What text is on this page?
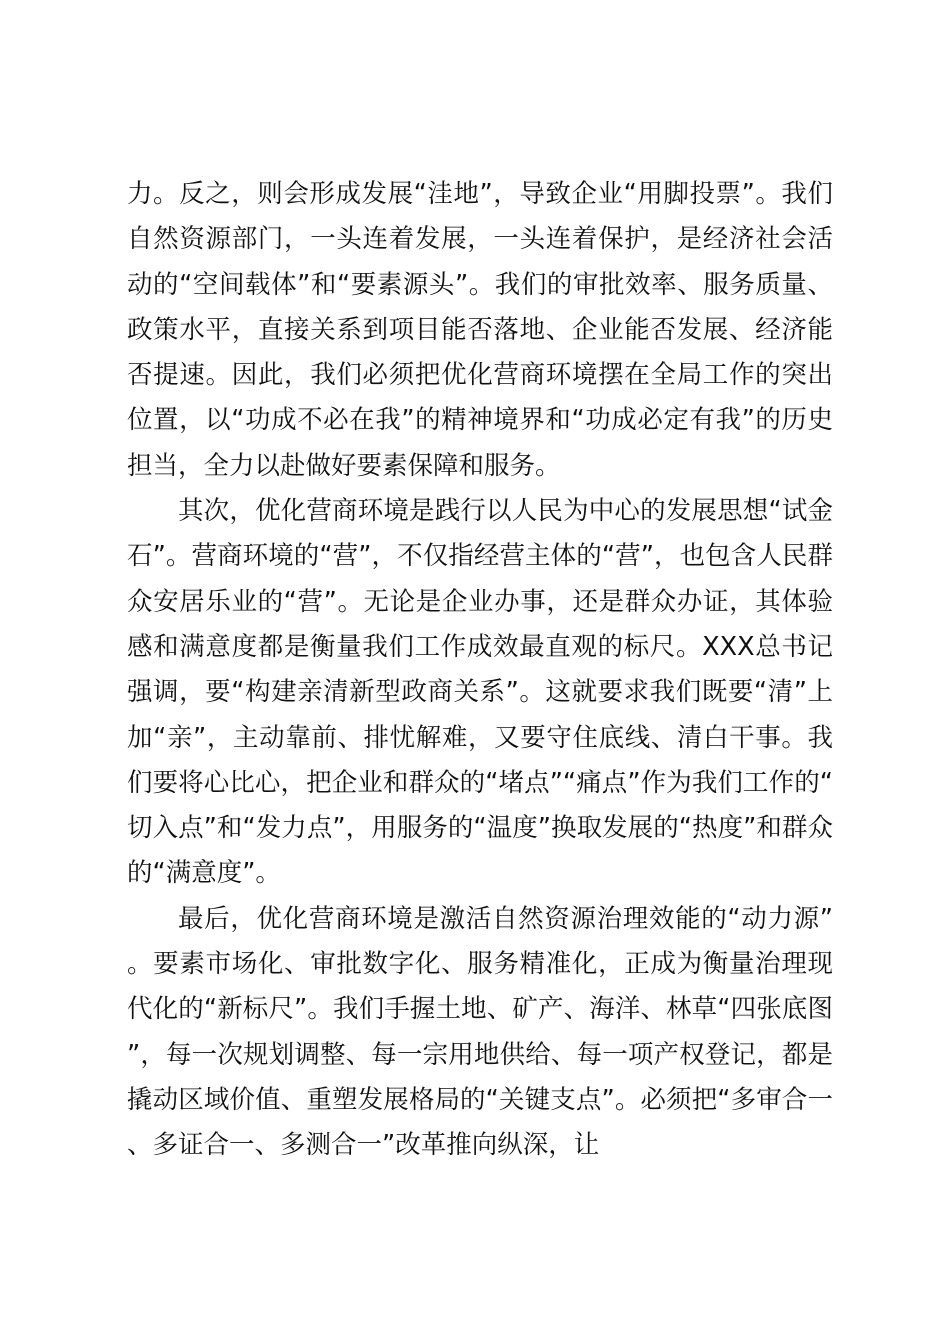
力。反之，则会形成发展“洼地”，导致企业“用脚投票”。我们自然资源部门，一头连着发展，一头连着保护，是经济社会活动的“空间载体”和“要素源头”。我们的审批效率、服务质量、政策水平，直接关系到项目能否落地、企业能否发展、经济能否提速。因此，我们必须把优化营商环境摆在全局工作的突出位置，以“功成不必在我”的精神境界和“功成必定有我”的历史担当，全力以赴做好要素保障和服务。

其次，优化营商环境是践行以人民为中心的发展思想“试金石”。营商环境的“营”，不仅指经营主体的“营”，也包含人民群众安居乐业的“营”。无论是企业办事，还是群众办证，其体验感和满意度都是衡量我们工作成效最直观的标尺。XXX总书记强调，要“构建亲清新型政商关系”。这就要求我们既要“清”上加“亲”，主动靠前、排忧解难，又要守住底线、清白干事。我们要将心比心，把企业和群众的“堵点”“痛点”作为我们工作的“切入点”和“发力点”，用服务的“温度”换取发展的“热度”和群众的“满意度”。

最后，优化营商环境是激活自然资源治理效能的“动力源”。要素市场化、审批数字化、服务精准化，正成为衡量治理现代化的“新标尺”。我们手握土地、矿产、海洋、林草“四张底图”，每一次规划调整、每一宗用地供给、每一项产权登记，都是撬动区域价值、重塑发展格局的“关键支点”。必须把“多审合一、多证合一、多测合一”改革推向纵深，让
